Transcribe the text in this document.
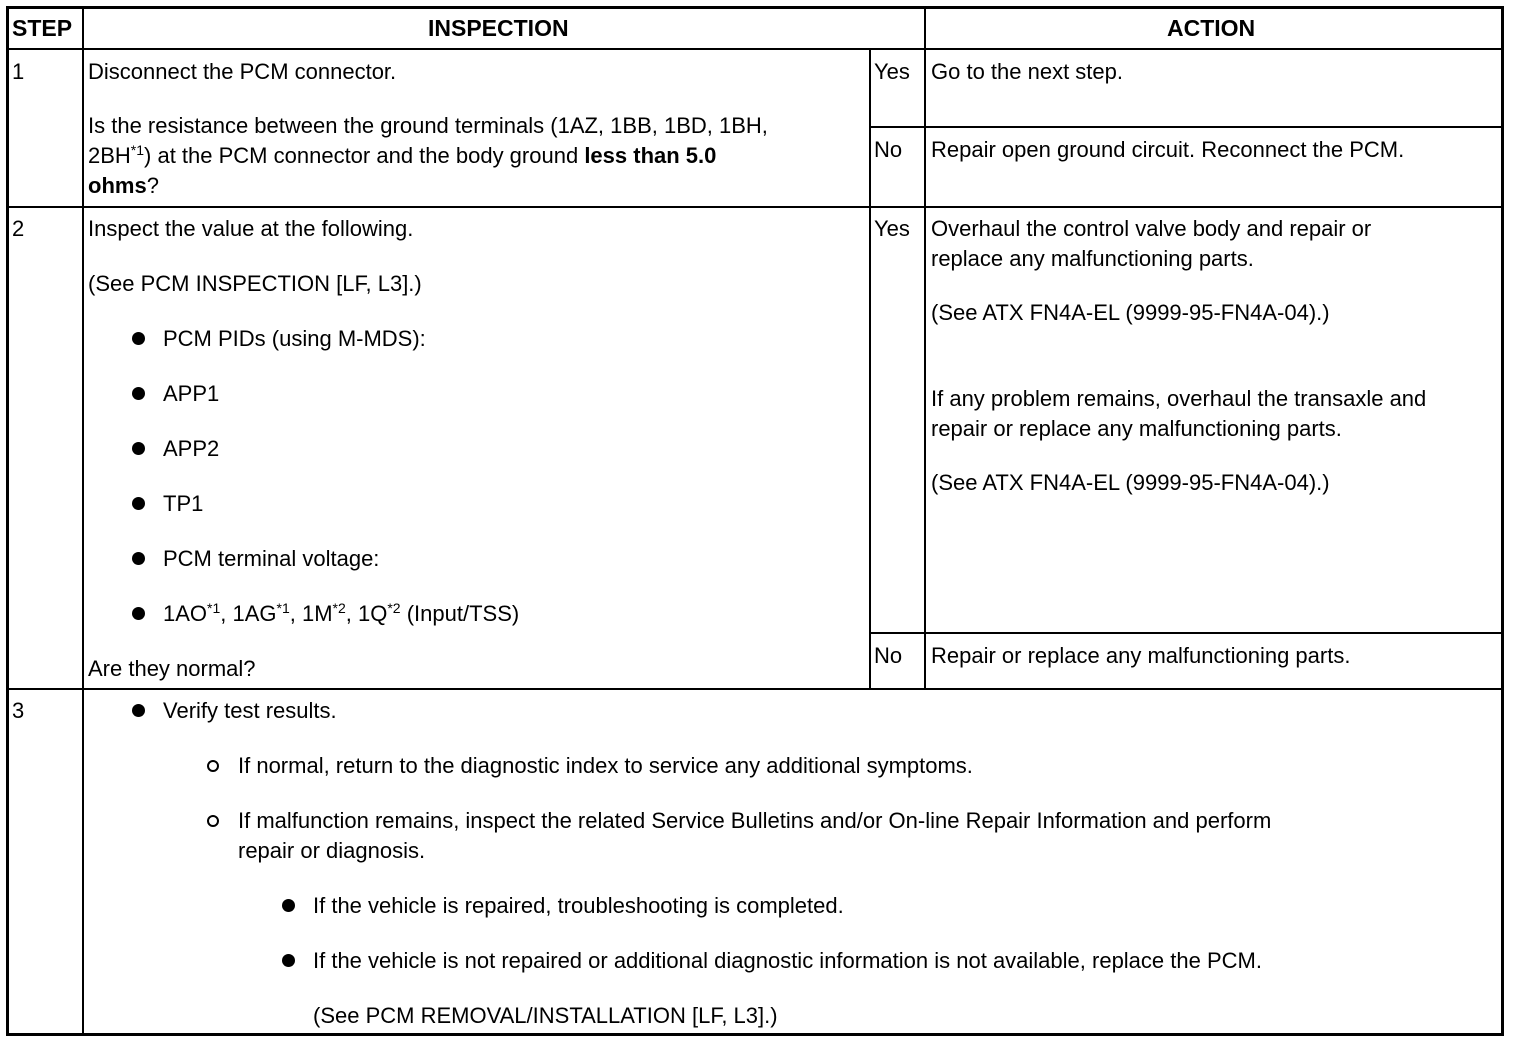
STEP	INSPECTION	ACTION
1	Disconnect the PCM connector.
Is the resistance between the ground terminals (1AZ, 1BB, 1BD, 1BH,
2BH$^{*1}$) at the PCM connector and the body ground less than 5.0
ohms?
Yes Go to the next step.
No Repair open ground circuit. Reconnect the PCM.
2	Inspect the value at the following.
(See PCM INSPECTION [LF, L3].)
PCM PIDs (using M-MDS):
APP1
APP2
TP1
PCM terminal voltage:
1AO$^{*1}$, 1AG$^{*1}$, $1M^{*2}$, $1Q^{*2}$ (Input/TSS)
Are they normal?
Yes Overhaul the control valve body and repair or
replace any malfunctioning parts.
(See ATX FN4A-EL (9999-95-FN4A-04).)
If any problem remains, overhaul the transaxle and
repair or replace any malfunctioning parts.
(See ATX FN4A-EL (9999-95-FN4A-04).)
No Repair or replace any malfunctioning parts.
3	Verify test results.
If normal, return to the diagnostic index to service any additional symptoms.
If malfunction remains, inspect the related Service Bulletins and/or On-line Repair Information and perform
repair or diagnosis.
If the vehicle is repaired, troubleshooting is completed.
If the vehicle is not repaired or additional diagnostic information is not available, replace the PCM.
(See PCM REMOVAL/INSTALLATION [LF, L3].)
